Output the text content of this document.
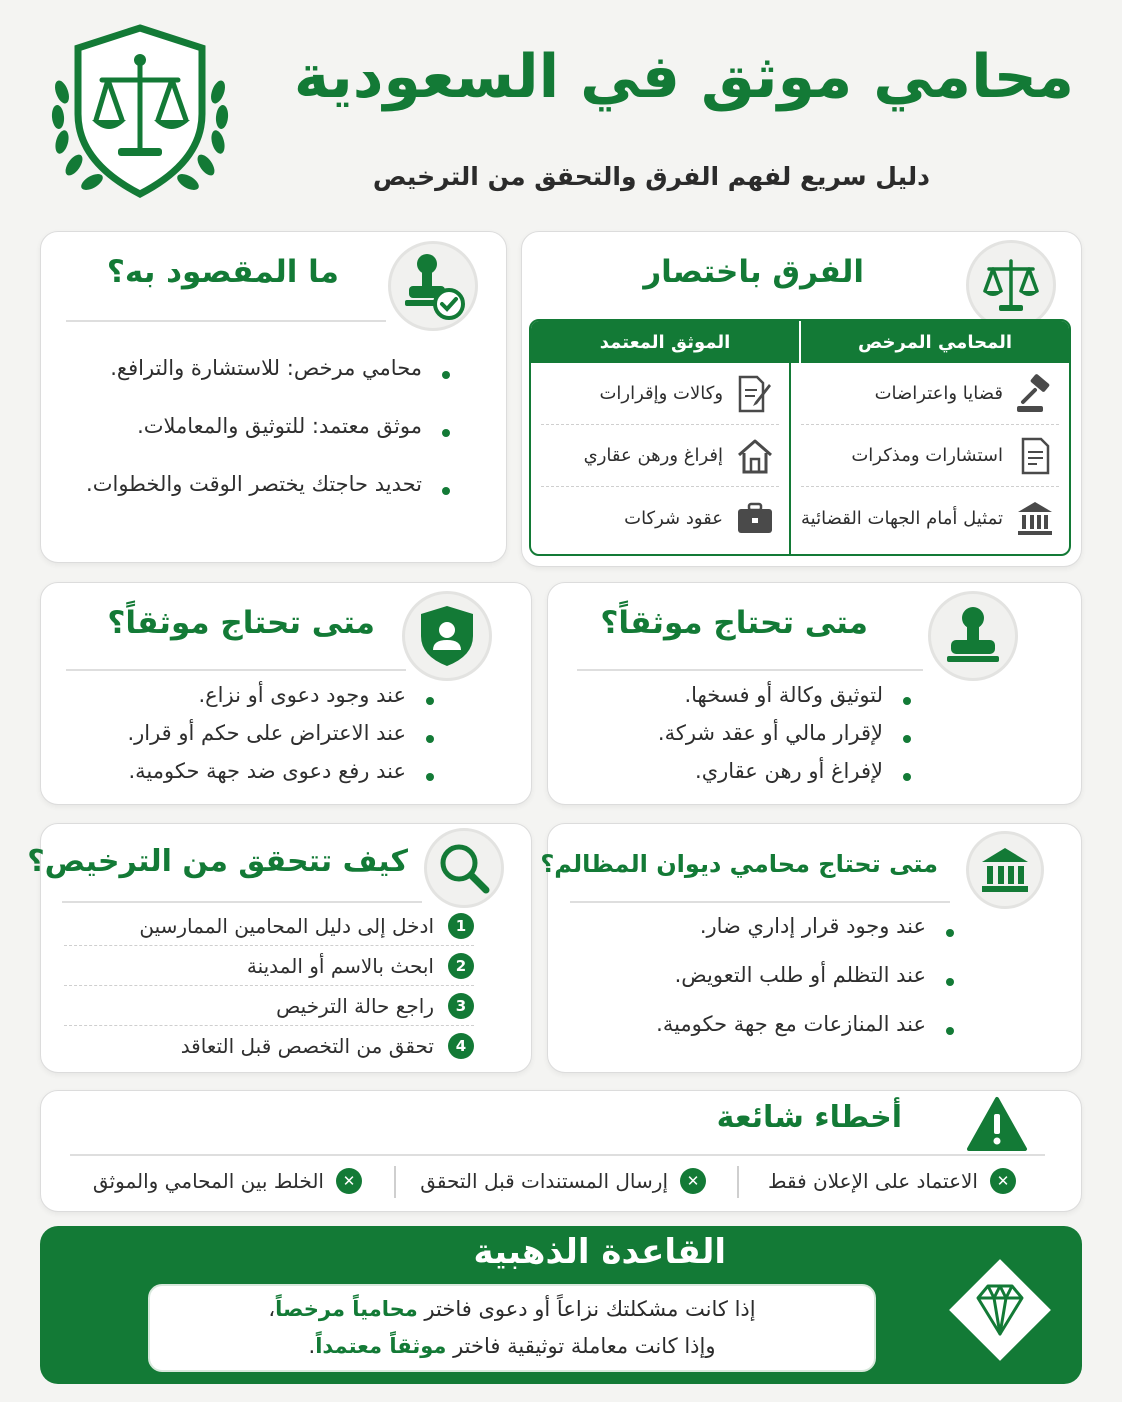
محامي موثق في السعودية
دليل سريع لفهم الفرق والتحقق من الترخيص
ما المقصود به؟
محامي مرخص: للاستشارة والترافع.
موثق معتمد: للتوثيق والمعاملات.
تحديد حاجتك يختصر الوقت والخطوات.
الفرق باختصار
المحامي المرخص
الموثق المعتمد
قضايا واعتراضات
استشارات ومذكرات
تمثيل أمام الجهات القضائية
وكالات وإقرارات
إفراغ ورهن عقاري
عقود شركات
متى تحتاج موثقاً؟
عند وجود دعوى أو نزاع.
عند الاعتراض على حكم أو قرار.
عند رفع دعوى ضد جهة حكومية.
متى تحتاج موثقاً؟
لتوثيق وكالة أو فسخها.
لإقرار مالي أو عقد شركة.
لإفراغ أو رهن عقاري.
كيف تتحقق من الترخيص؟
1
ادخل إلى دليل المحامين الممارسين
2
ابحث بالاسم أو المدينة
3
راجع حالة الترخيص
4
تحقق من التخصص قبل التعاقد
متى تحتاج محامي ديوان المظالم؟
عند وجود قرار إداري ضار.
عند التظلم أو طلب التعويض.
عند المنازعات مع جهة حكومية.
أخطاء شائعة
✕
الاعتماد على الإعلان فقط
✕
إرسال المستندات قبل التحقق
✕
الخلط بين المحامي والموثق
القاعدة الذهبية
إذا كانت مشكلتك نزاعاً أو دعوى فاختر محامياً مرخصاً،
وإذا كانت معاملة توثيقية فاختر موثقاً معتمداً.
